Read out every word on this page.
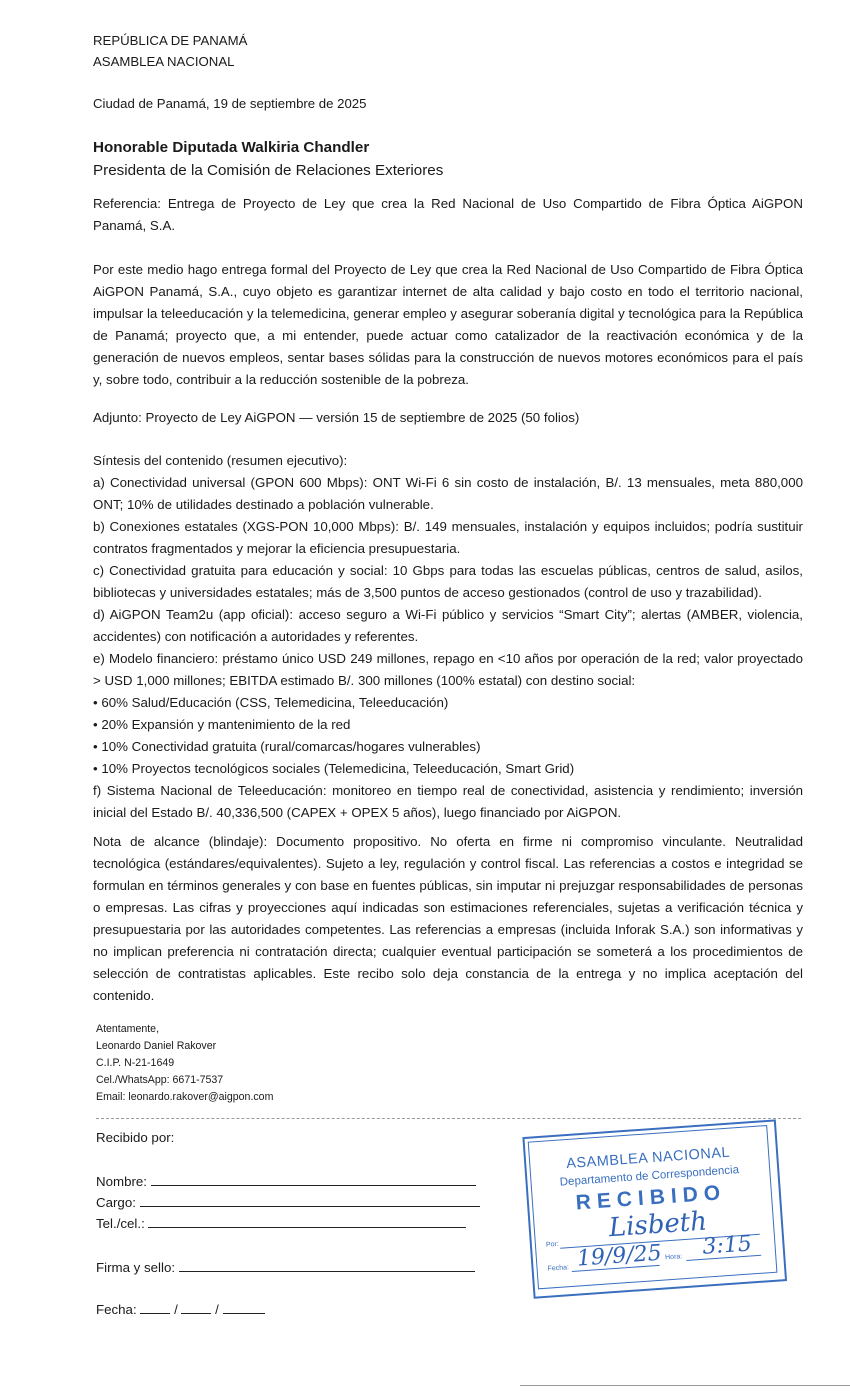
REPÚBLICA DE PANAMÁ
ASAMBLEA NACIONAL
Ciudad de Panamá, 19 de septiembre de 2025
Honorable Diputada Walkiria Chandler
Presidenta de la Comisión de Relaciones Exteriores
Referencia: Entrega de Proyecto de Ley que crea la Red Nacional de Uso Compartido de Fibra Óptica AiGPON Panamá, S.A.
Por este medio hago entrega formal del Proyecto de Ley que crea la Red Nacional de Uso Compartido de Fibra Óptica AiGPON Panamá, S.A., cuyo objeto es garantizar internet de alta calidad y bajo costo en todo el territorio nacional, impulsar la teleeducación y la telemedicina, generar empleo y asegurar soberanía digital y tecnológica para la República de Panamá; proyecto que, a mi entender, puede actuar como catalizador de la reactivación económica y de la generación de nuevos empleos, sentar bases sólidas para la construcción de nuevos motores económicos para el país y, sobre todo, contribuir a la reducción sostenible de la pobreza.
Adjunto: Proyecto de Ley AiGPON — versión 15 de septiembre de 2025 (50 folios)
Síntesis del contenido (resumen ejecutivo):
a) Conectividad universal (GPON 600 Mbps): ONT Wi-Fi 6 sin costo de instalación, B/. 13 mensuales, meta 880,000 ONT; 10% de utilidades destinado a población vulnerable.
b) Conexiones estatales (XGS-PON 10,000 Mbps): B/. 149 mensuales, instalación y equipos incluidos; podría sustituir contratos fragmentados y mejorar la eficiencia presupuestaria.
c) Conectividad gratuita para educación y social: 10 Gbps para todas las escuelas públicas, centros de salud, asilos, bibliotecas y universidades estatales; más de 3,500 puntos de acceso gestionados (control de uso y trazabilidad).
d) AiGPON Team2u (app oficial): acceso seguro a Wi-Fi público y servicios “Smart City”; alertas (AMBER, violencia, accidentes) con notificación a autoridades y referentes.
e) Modelo financiero: préstamo único USD 249 millones, repago en <10 años por operación de la red; valor proyectado > USD 1,000 millones; EBITDA estimado B/. 300 millones (100% estatal) con destino social:
• 60% Salud/Educación (CSS, Telemedicina, Teleeducación)
• 20% Expansión y mantenimiento de la red
• 10% Conectividad gratuita (rural/comarcas/hogares vulnerables)
• 10% Proyectos tecnológicos sociales (Telemedicina, Teleeducación, Smart Grid)
f) Sistema Nacional de Teleeducación: monitoreo en tiempo real de conectividad, asistencia y rendimiento; inversión inicial del Estado B/. 40,336,500 (CAPEX + OPEX 5 años), luego financiado por AiGPON.
Nota de alcance (blindaje): Documento propositivo. No oferta en firme ni compromiso vinculante. Neutralidad tecnológica (estándares/equivalentes). Sujeto a ley, regulación y control fiscal. Las referencias a costos e integridad se formulan en términos generales y con base en fuentes públicas, sin imputar ni prejuzgar responsabilidades de personas o empresas. Las cifras y proyecciones aquí indicadas son estimaciones referenciales, sujetas a verificación técnica y presupuestaria por las autoridades competentes. Las referencias a empresas (incluida Inforak S.A.) son informativas y no implican preferencia ni contratación directa; cualquier eventual participación se someterá a los procedimientos de selección de contratistas aplicables. Este recibo solo deja constancia de la entrega y no implica aceptación del contenido.
Atentamente,
Leonardo Daniel Rakover
C.I.P. N-21-1649
Cel./WhatsApp: 6671-7537
Email: leonardo.rakover@aigpon.com
Recibido por:
Nombre:
Cargo:
Tel./cel.:
Firma y sello:
Fecha:	/	/
ASAMBLEA NACIONAL
Departamento de Correspondencia
RECIBIDO
Por:
Lisbeth
Fecha: 19/9/25 Hora: 3:15
